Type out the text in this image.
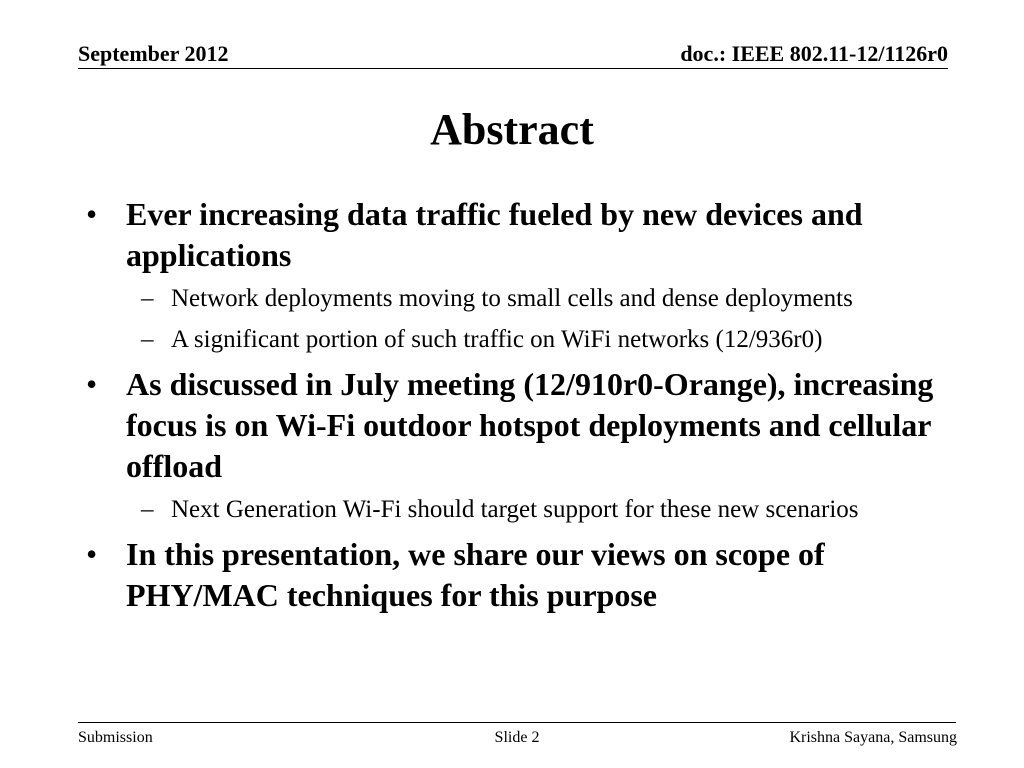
September 2012	doc.: IEEE 802.11-12/1126r0
Abstract
• Ever increasing data traffic fueled by new devices and applications
– Network deployments moving to small cells and dense deployments
– A significant portion of such traffic on WiFi networks (12/936r0)
• As discussed in July meeting (12/910r0-Orange), increasing focus is on Wi-Fi outdoor hotspot deployments and cellular offload
– Next Generation Wi-Fi should target support for these new scenarios
• In this presentation, we share our views on scope of PHY/MAC techniques for this purpose
Submission	Slide 2	Krishna Sayana, Samsung
